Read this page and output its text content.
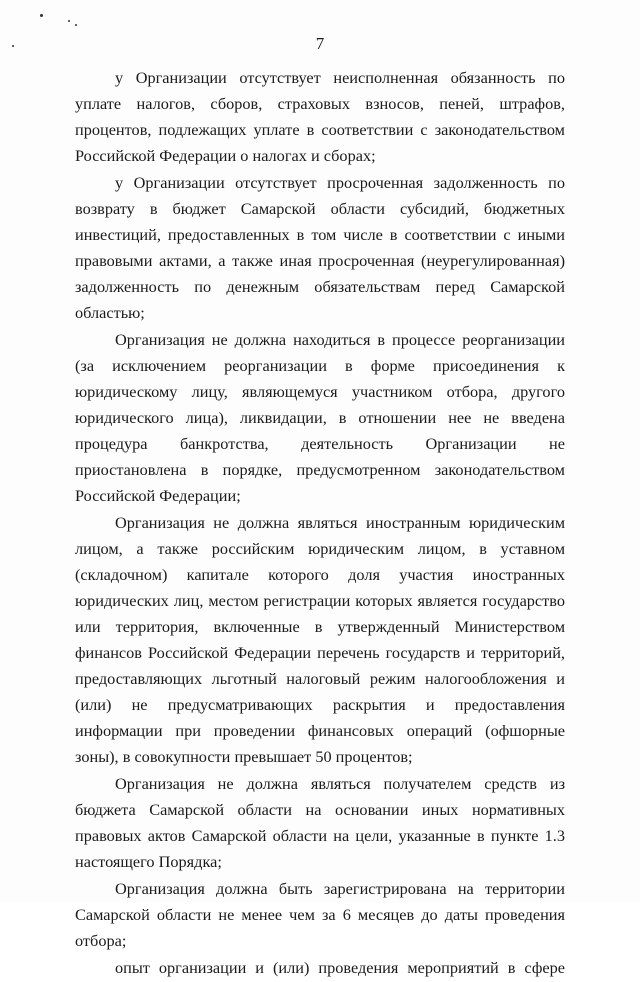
7

у Организации отсутствует неисполненная обязанность по уплате налогов, сборов, страховых взносов, пеней, штрафов, процентов, подлежащих уплате в соответствии с законодательством Российской Федерации о налогах и сборах;

у Организации отсутствует просроченная задолженность по возврату в бюджет Самарской области субсидий, бюджетных инвестиций, предоставленных в том числе в соответствии с иными правовыми актами, а также иная просроченная (неурегулированная) задолженность по денежным обязательствам перед Самарской областью;

Организация не должна находиться в процессе реорганизации (за исключением реорганизации в форме присоединения к юридическому лицу, являющемуся участником отбора, другого юридического лица), ликвидации, в отношении нее не введена процедура банкротства, деятельность Организации не приостановлена в порядке, предусмотренном законодательством Российской Федерации;

Организация не должна являться иностранным юридическим лицом, а также российским юридическим лицом, в уставном (складочном) капитале которого доля участия иностранных юридических лиц, местом регистрации которых является государство или территория, включенные в утвержденный Министерством финансов Российской Федерации перечень государств и территорий, предоставляющих льготный налоговый режим налогообложения и (или) не предусматривающих раскрытия и предоставления информации при проведении финансовых операций (офшорные зоны), в совокупности превышает 50 процентов;

Организация не должна являться получателем средств из бюджета Самарской области на основании иных нормативных правовых актов Самарской области на цели, указанные в пункте 1.3 настоящего Порядка;

Организация должна быть зарегистрирована на территории Самарской области не менее чем за 6 месяцев до даты проведения отбора;

опыт организации и (или) проведения мероприятий в сфере
